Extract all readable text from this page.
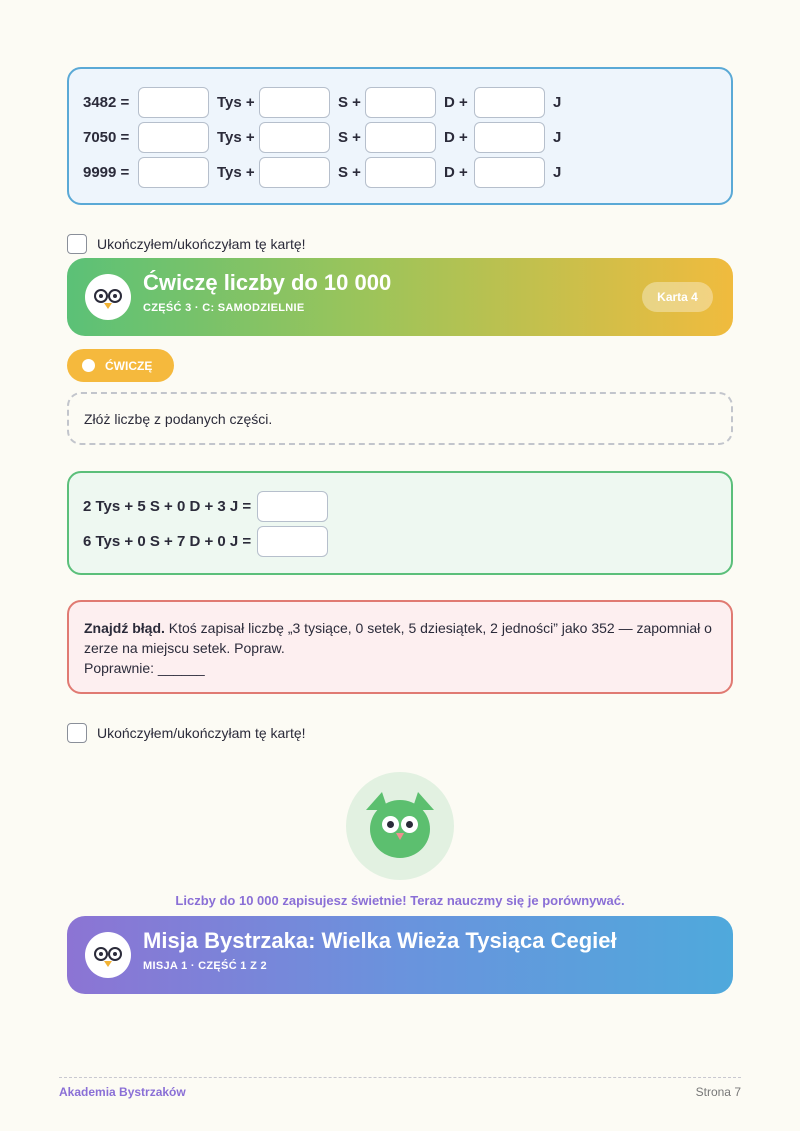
3482 =	Tys +	S +	D +	J
7050 =	Tys +	S +	D +	J
9999 =	Tys +	S +	D +	J
Ukończyłem/ukończyłam tę kartę!
Ćwiczę liczby do 10 000
CZĘŚĆ 3 · C: SAMODZIELNIE
Karta 4
ĆWICZĘ
Złóż liczbę z podanych części.
2 Tys + 5 S + 0 D + 3 J =
6 Tys + 0 S + 7 D + 0 J =
Znajdź błąd. Ktoś zapisał liczbę „3 tysiące, 0 setek, 5 dziesiątek, 2 jedności” jako 352 — zapomniał o zerze na miejscu setek. Popraw.
Poprawnie: ______
Ukończyłem/ukończyłam tę kartę!
Liczby do 10 000 zapisujesz świetnie! Teraz nauczmy się je porównywać.
Misja Bystrzaka: Wielka Wieża Tysiąca Cegieł
MISJA 1 · CZĘŚĆ 1 Z 2
Akademia Bystrzaków	Strona 7
